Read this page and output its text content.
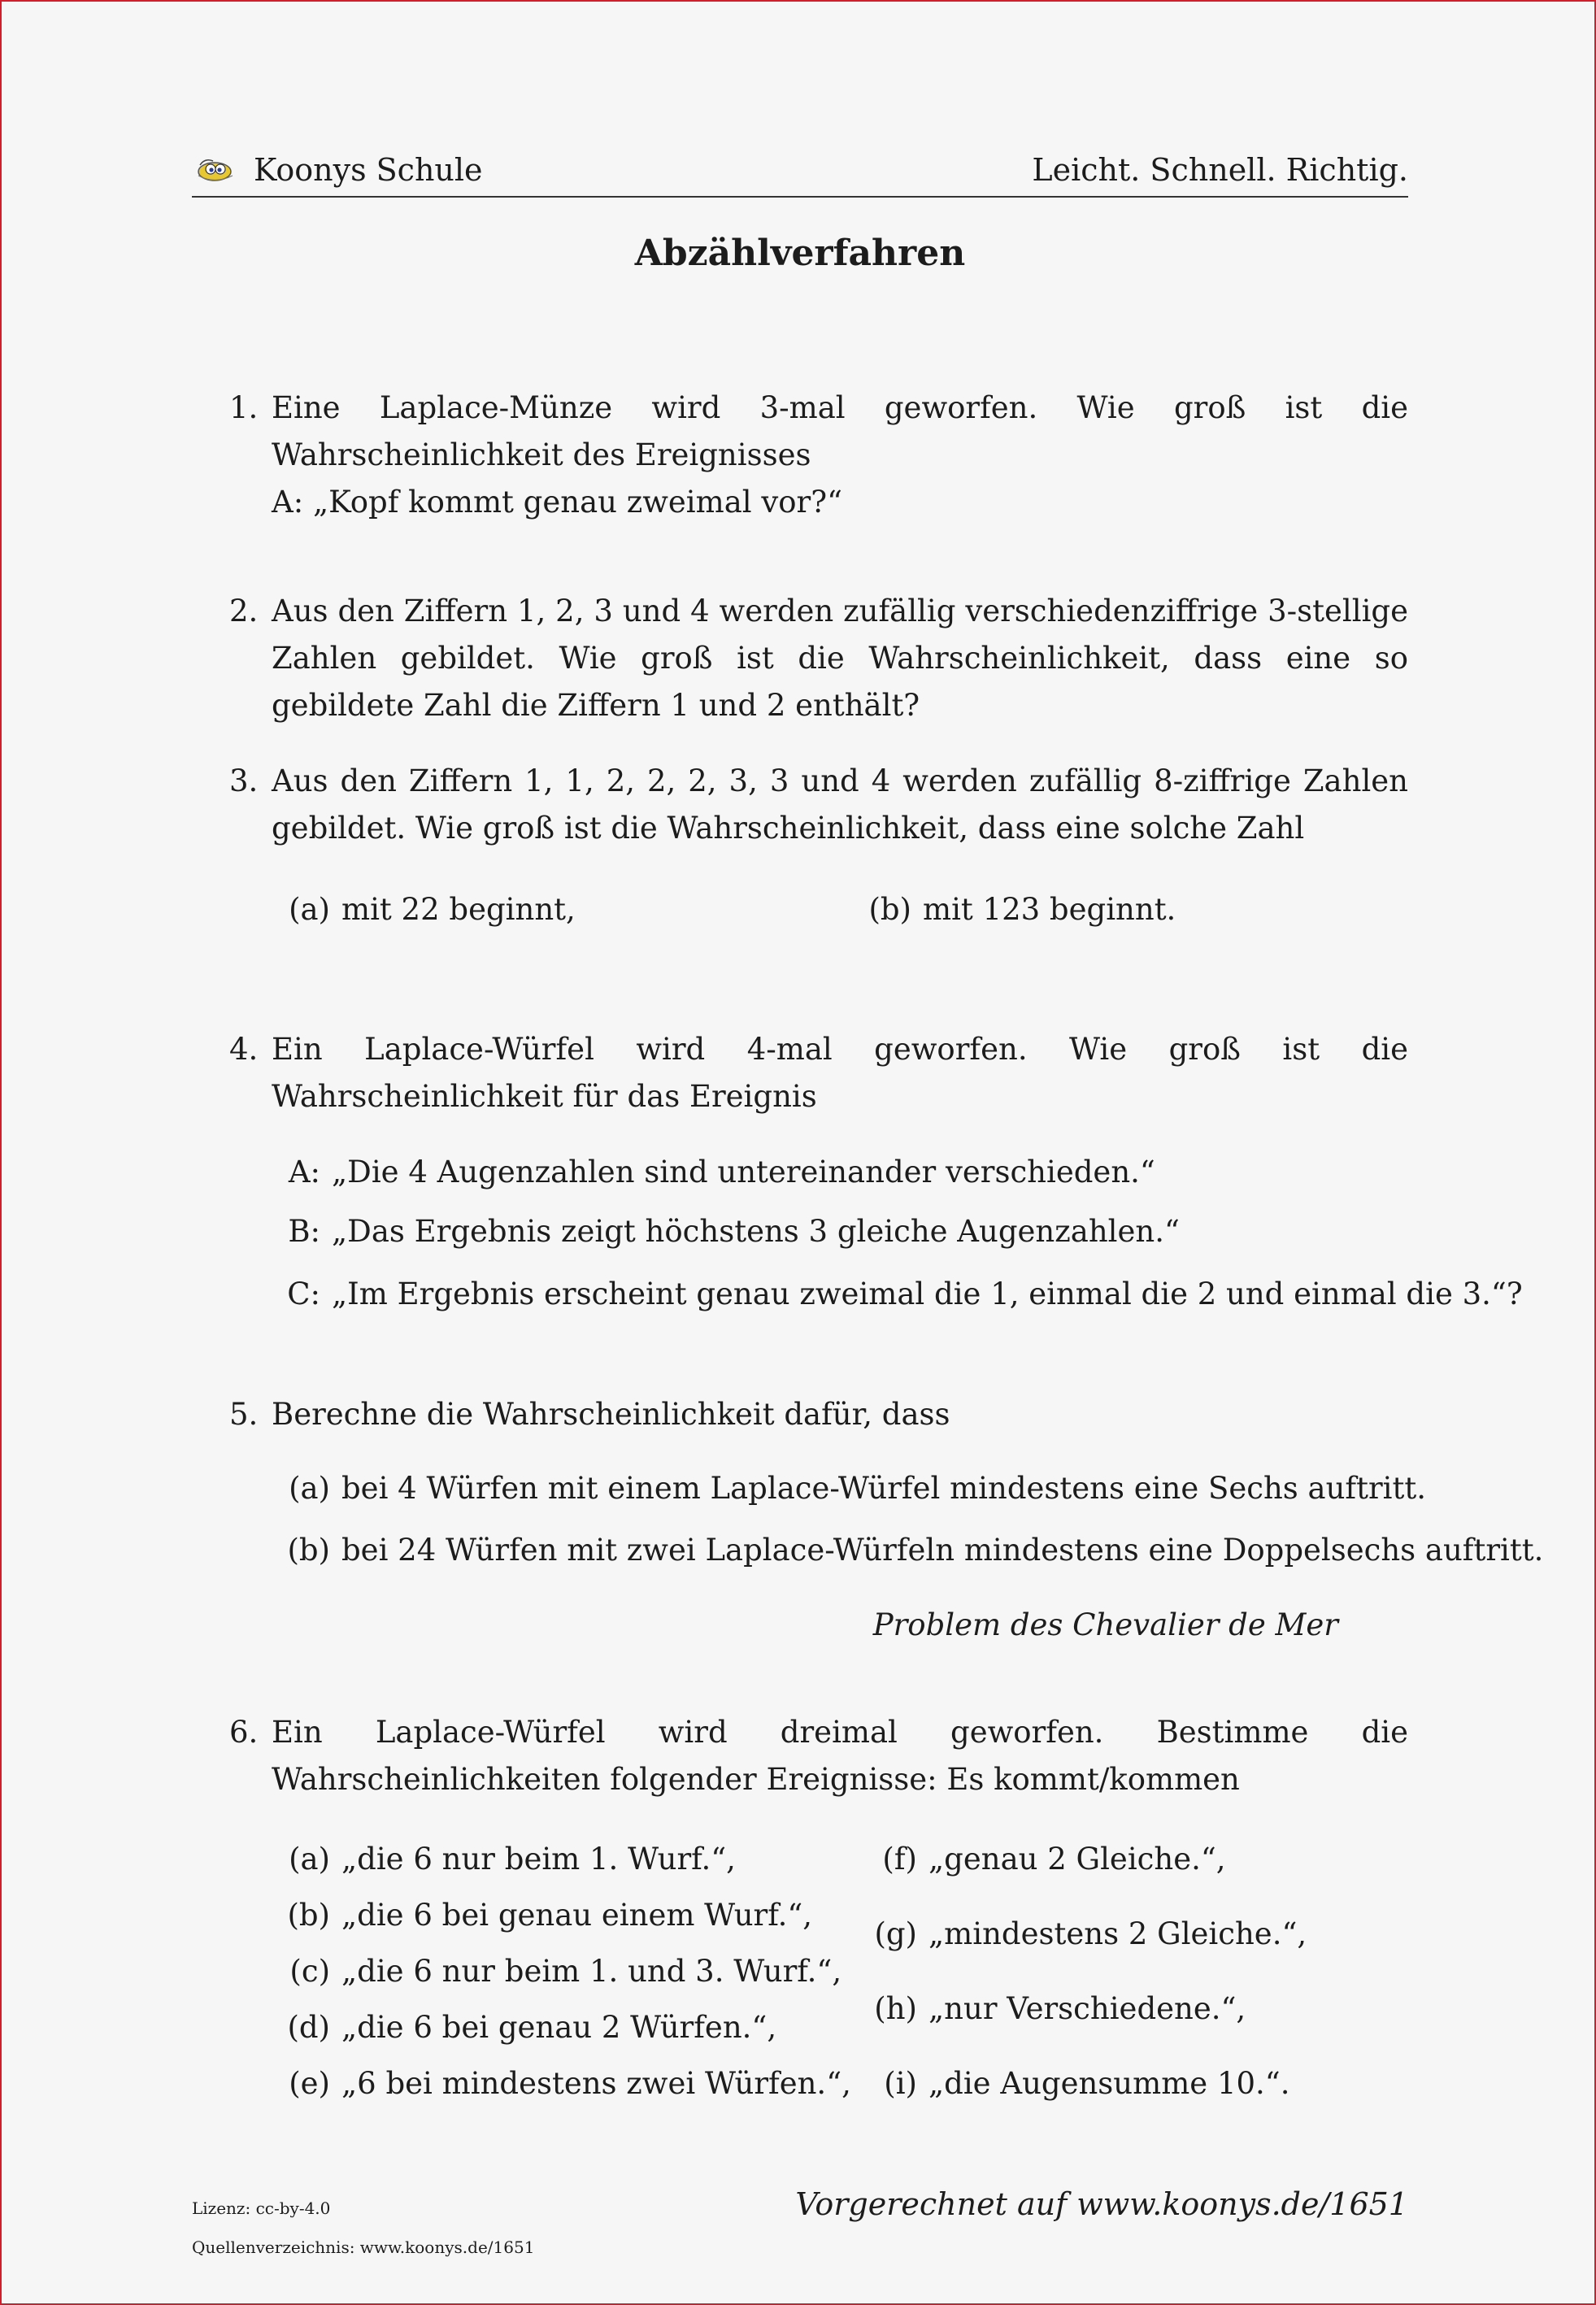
Koonys Schule	Leicht. Schnell. Richtig.
Abzählverfahren
1. Eine Laplace-Münze wird 3-mal geworfen. Wie groß ist die Wahrscheinlichkeit des Ereignisses
A: „Kopf kommt genau zweimal vor?“
2. Aus den Ziffern 1, 2, 3 und 4 werden zufällig verschiedenziffrige 3-stellige Zahlen gebildet. Wie groß ist die Wahrscheinlichkeit, dass eine so gebildete Zahl die Ziffern 1 und 2 enthält?
3. Aus den Ziffern 1, 1, 2, 2, 2, 3, 3 und 4 werden zufällig 8-ziffrige Zahlen gebildet. Wie groß ist die Wahrscheinlichkeit, dass eine solche Zahl
(a) mit 22 beginnt,	(b) mit 123 beginnt.
4. Ein Laplace-Würfel wird 4-mal geworfen. Wie groß ist die Wahrscheinlichkeit für das Ereignis
A: „Die 4 Augenzahlen sind untereinander verschieden.“
B: „Das Ergebnis zeigt höchstens 3 gleiche Augenzahlen.“
C: „Im Ergebnis erscheint genau zweimal die 1, einmal die 2 und einmal die 3.“?
5. Berechne die Wahrscheinlichkeit dafür, dass
(a) bei 4 Würfen mit einem Laplace-Würfel mindestens eine Sechs auftritt.
(b) bei 24 Würfen mit zwei Laplace-Würfeln mindestens eine Doppelsechs auftritt.
Problem des Chevalier de Mer
6. Ein Laplace-Würfel wird dreimal geworfen. Bestimme die Wahrscheinlichkeiten folgender Ereignisse: Es kommt/kommen
(a) „die 6 nur beim 1. Wurf.“,
(b) „die 6 bei genau einem Wurf.“,
(c) „die 6 nur beim 1. und 3. Wurf.“,
(d) „die 6 bei genau 2 Würfen.“,
(e) „6 bei mindestens zwei Würfen.“,
(f) „genau 2 Gleiche.“,
(g) „mindestens 2 Gleiche.“,
(h) „nur Verschiedene.“,
(i) „die Augensumme 10.“.
Lizenz: cc-by-4.0
Quellenverzeichnis: www.koonys.de/1651
Vorgerechnet auf www.koonys.de/1651
